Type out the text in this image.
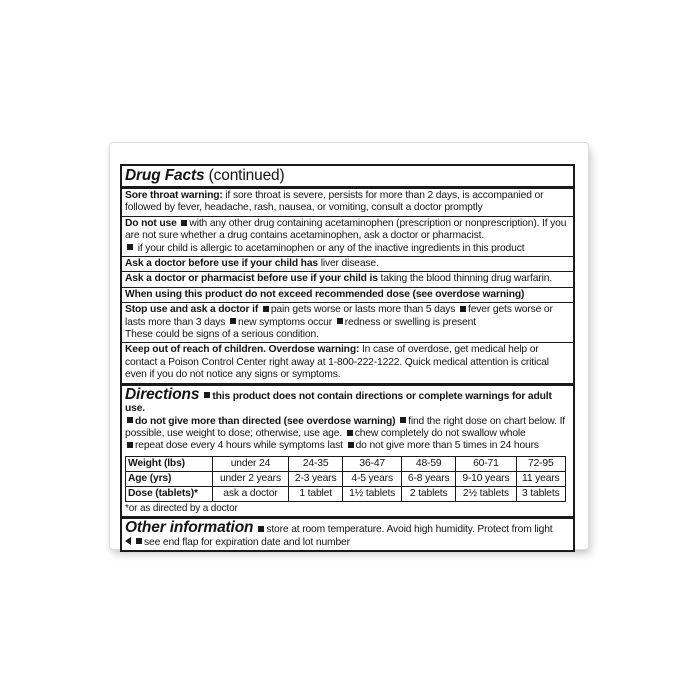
Drug Facts (continued)
Sore throat warning: if sore throat is severe, persists for more than 2 days, is accompanied or followed by fever, headache, rash, nausea, or vomiting, consult a doctor promptly
Do not use with any other drug containing acetaminophen (prescription or nonprescription). If you are not sure whether a drug contains acetaminophen, ask a doctor or pharmacist.
if your child is allergic to acetaminophen or any of the inactive ingredients in this product
Ask a doctor before use if your child has liver disease.
Ask a doctor or pharmacist before use if your child is taking the blood thinning drug warfarin.
When using this product do not exceed recommended dose (see overdose warning)
Stop use and ask a doctor if pain gets worse or lasts more than 5 days fever gets worse or lasts more than 3 days new symptoms occur redness or swelling is present
These could be signs of a serious condition.
Keep out of reach of children. Overdose warning: In case of overdose, get medical help or contact a Poison Control Center right away at 1-800-222-1222. Quick medical attention is critical even if you do not notice any signs or symptoms.
Directions this product does not contain directions or complete warnings for adult use.
do not give more than directed (see overdose warning) find the right dose on chart below. If possible, use weight to dose; otherwise, use age. chew completely do not swallow whole
repeat dose every 4 hours while symptoms last do not give more than 5 times in 24 hours
Weight (lbs)	under 24	24-35	36-47	48-59	60-71	72-95
Age (yrs)	under 2 years	2-3 years	4-5 years	6-8 years	9-10 years	11 years
Dose (tablets)*	ask a doctor	1 tablet	1½ tablets	2 tablets	2½ tablets	3 tablets
*or as directed by a doctor
Other information store at room temperature. Avoid high humidity. Protect from light
see end flap for expiration date and lot number
